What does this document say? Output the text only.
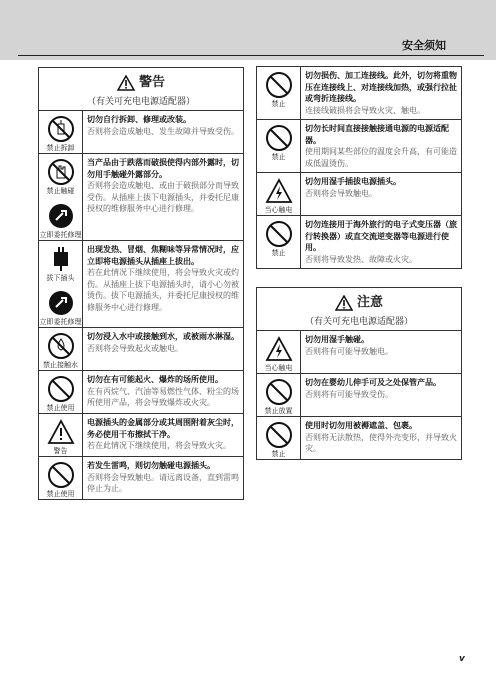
安全须知
警告
（有关可充电电源适配器）
禁止拆卸
切勿自行拆卸、修理或改装。
否则将会造成触电、发生故障并导致受伤。
禁止触碰
立即委托修理
当产品由于跌落而破损使得内部外露时，切勿用手触碰外露部分。
否则将会造成触电、或由于破损部分而导致受伤。从插座上拔下电源插头，并委托尼康授权的维修服务中心进行修理。
拔下插头
立即委托修理
出现发热、冒烟、焦糊味等异常情况时，应立即将电源插头从插座上拔出。
若在此情况下继续使用，将会导致火灾或灼伤。从插座上拔下电源插头时，请小心勿被烫伤。拔下电源插头，并委托尼康授权的维修服务中心进行修理。
禁止接触水
切勿浸入水中或接触到水，或被雨水淋湿。
否则将会导致起火或触电。
禁止使用
切勿在有可能起火、爆炸的场所使用。
在有丙烷气、汽油等易燃性气体、粉尘的场所使用产品，将会导致爆炸或火灾。
警告
电源插头的金属部分或其周围附着灰尘时，务必使用干布擦拭干净。
若在此情况下继续使用，将会导致火灾。
禁止使用
若发生雷鸣，则切勿触碰电源插头。
否则将会导致触电。请远离设备，直到雷鸣停止为止。
禁止
切勿损伤、加工连接线。此外，切勿将重物压在连接线上、对连接线加热，或强行拉扯或弯折连接线。
连接线破损将会导致火灾、触电。
禁止
切勿长时间直接接触接通电源的电源适配器。
使用期间某些部位的温度会升高，有可能造成低温烫伤。
当心触电
切勿用湿手插拔电源插头。
否则将会导致触电。
禁止
切勿连接用于海外旅行的电子式变压器（旅行转换器）或直交流逆变器等电源进行使用。
否则将导致发热、故障或火灾。
注意
（有关可充电电源适配器）
当心触电
切勿用湿手触碰。
否则将有可能导致触电。
禁止放置
切勿在婴幼儿伸手可及之处保管产品。
否则将有可能导致受伤。
禁止
使用时切勿用被褥遮盖、包裹。
否则将无法散热，使得外壳变形，并导致火灾。
v
